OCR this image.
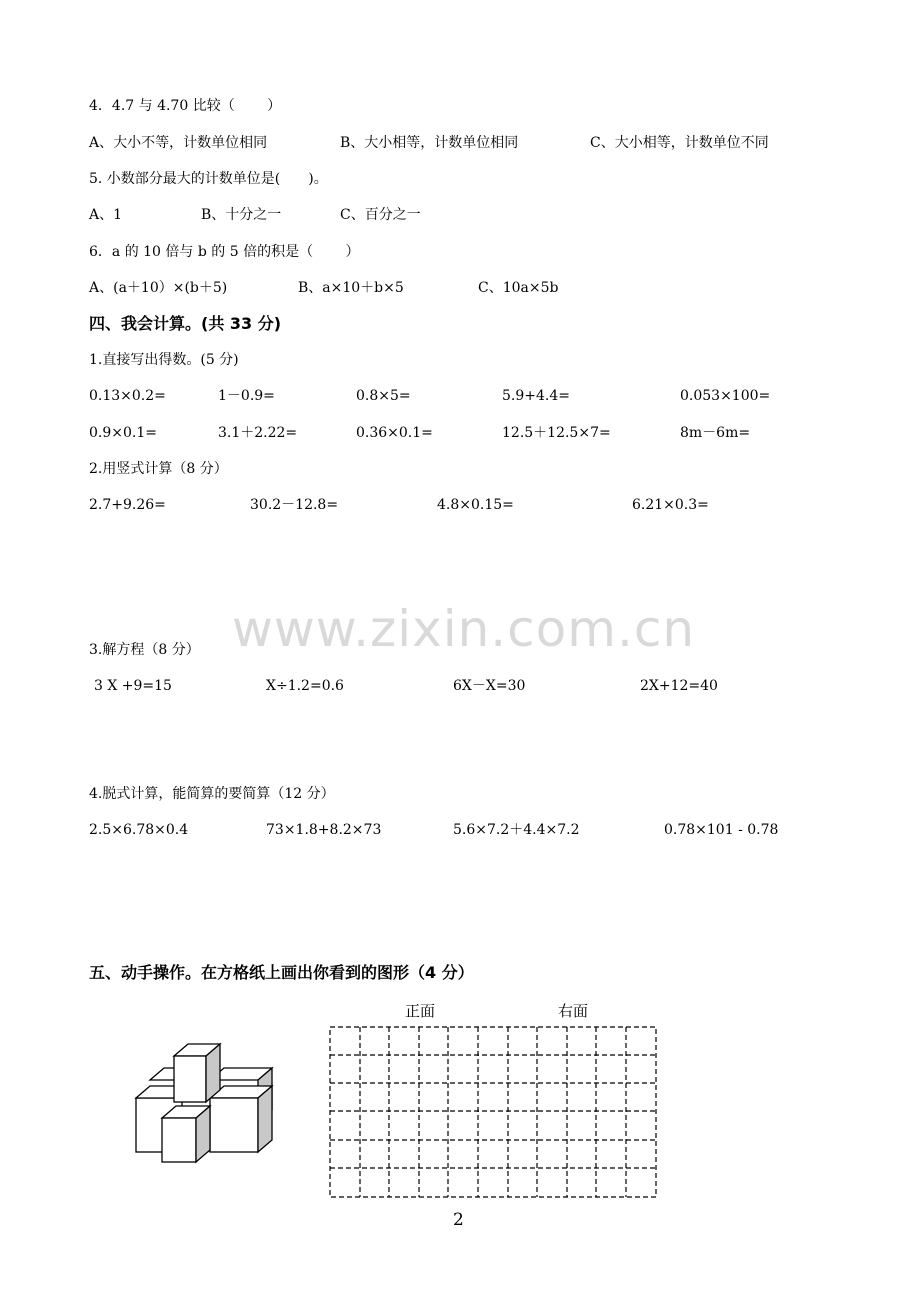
www.zixin.com.cn
4．4.7 与 4.70 比较（　　 ）
A、大小不等，计数单位相同	B、大小相等，计数单位相同	C、大小相等，计数单位不同
5. 小数部分最大的计数单位是(　　)。
A、1	B、十分之一	C、百分之一
6．a 的 10 倍与 b 的 5 倍的积是（　　 ）
A、(a＋10）×(b＋5)	B、a×10＋b×5	C、10a×5b
四、我会计算。(共 33 分)
1.直接写出得数。(5 分)
0.13×0.2=	1－0.9=	0.8×5=	5.9+4.4=	0.053×100=
0.9×0.1=	3.1＋2.22=	0.36×0.1=	12.5＋12.5×7=	8m－6m=
2.用竖式计算（8 分）
2.7+9.26=	30.2－12.8=	4.8×0.15=	6.21×0.3=
3.解方程（8 分）
3 X +9=15	X÷1.2=0.6	6X－X=30	2X+12=40
4.脱式计算，能简算的要简算（12 分）
2.5×6.78×0.4	73×1.8+8.2×73	5.6×7.2＋4.4×7.2	0.78×101 - 0.78
五、动手操作。在方格纸上画出你看到的图形（4 分）
正面	右面
2
